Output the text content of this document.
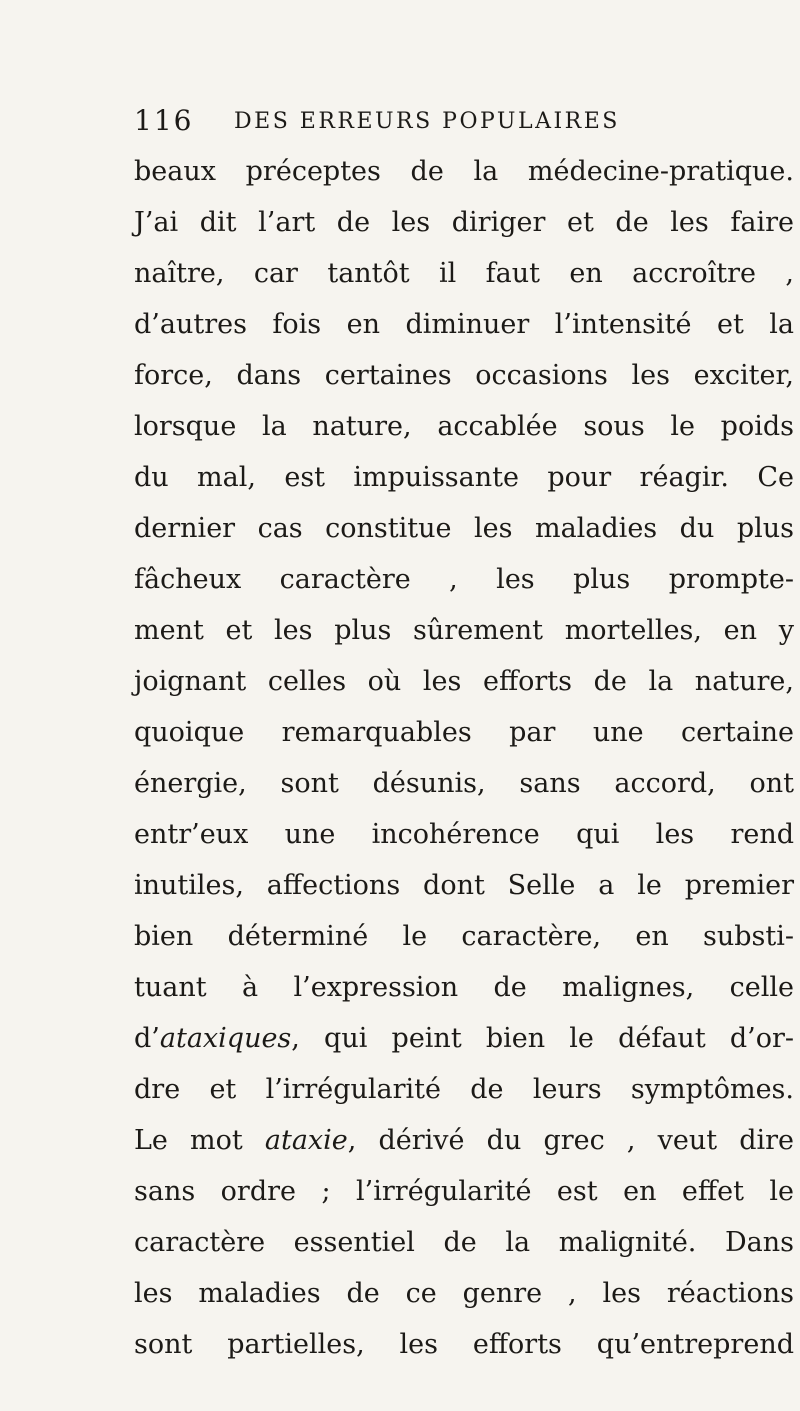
116 DES ERREURS POPULAIRES
beaux préceptes de la médecine-pratique.
J’ai dit l’art de les diriger et de les faire
naître, car tantôt il faut en accroître ,
d’autres fois en diminuer l’intensité et la
force, dans certaines occasions les exciter,
lorsque la nature, accablée sous le poids
du mal, est impuissante pour réagir. Ce
dernier cas constitue les maladies du plus
fâcheux caractère , les plus prompte-
ment et les plus sûrement mortelles, en y
joignant celles où les efforts de la nature,
quoique remarquables par une certaine
énergie, sont désunis, sans accord, ont
entr’eux une incohérence qui les rend
inutiles, affections dont Selle a le premier
bien déterminé le caractère, en substi-
tuant à l’expression de malignes, celle
d’ataxiques, qui peint bien le défaut d’or-
dre et l’irrégularité de leurs symptômes.
Le mot ataxie, dérivé du grec , veut dire
sans ordre ; l’irrégularité est en effet le
caractère essentiel de la malignité. Dans
les maladies de ce genre , les réactions
sont partielles, les efforts qu’entreprend
